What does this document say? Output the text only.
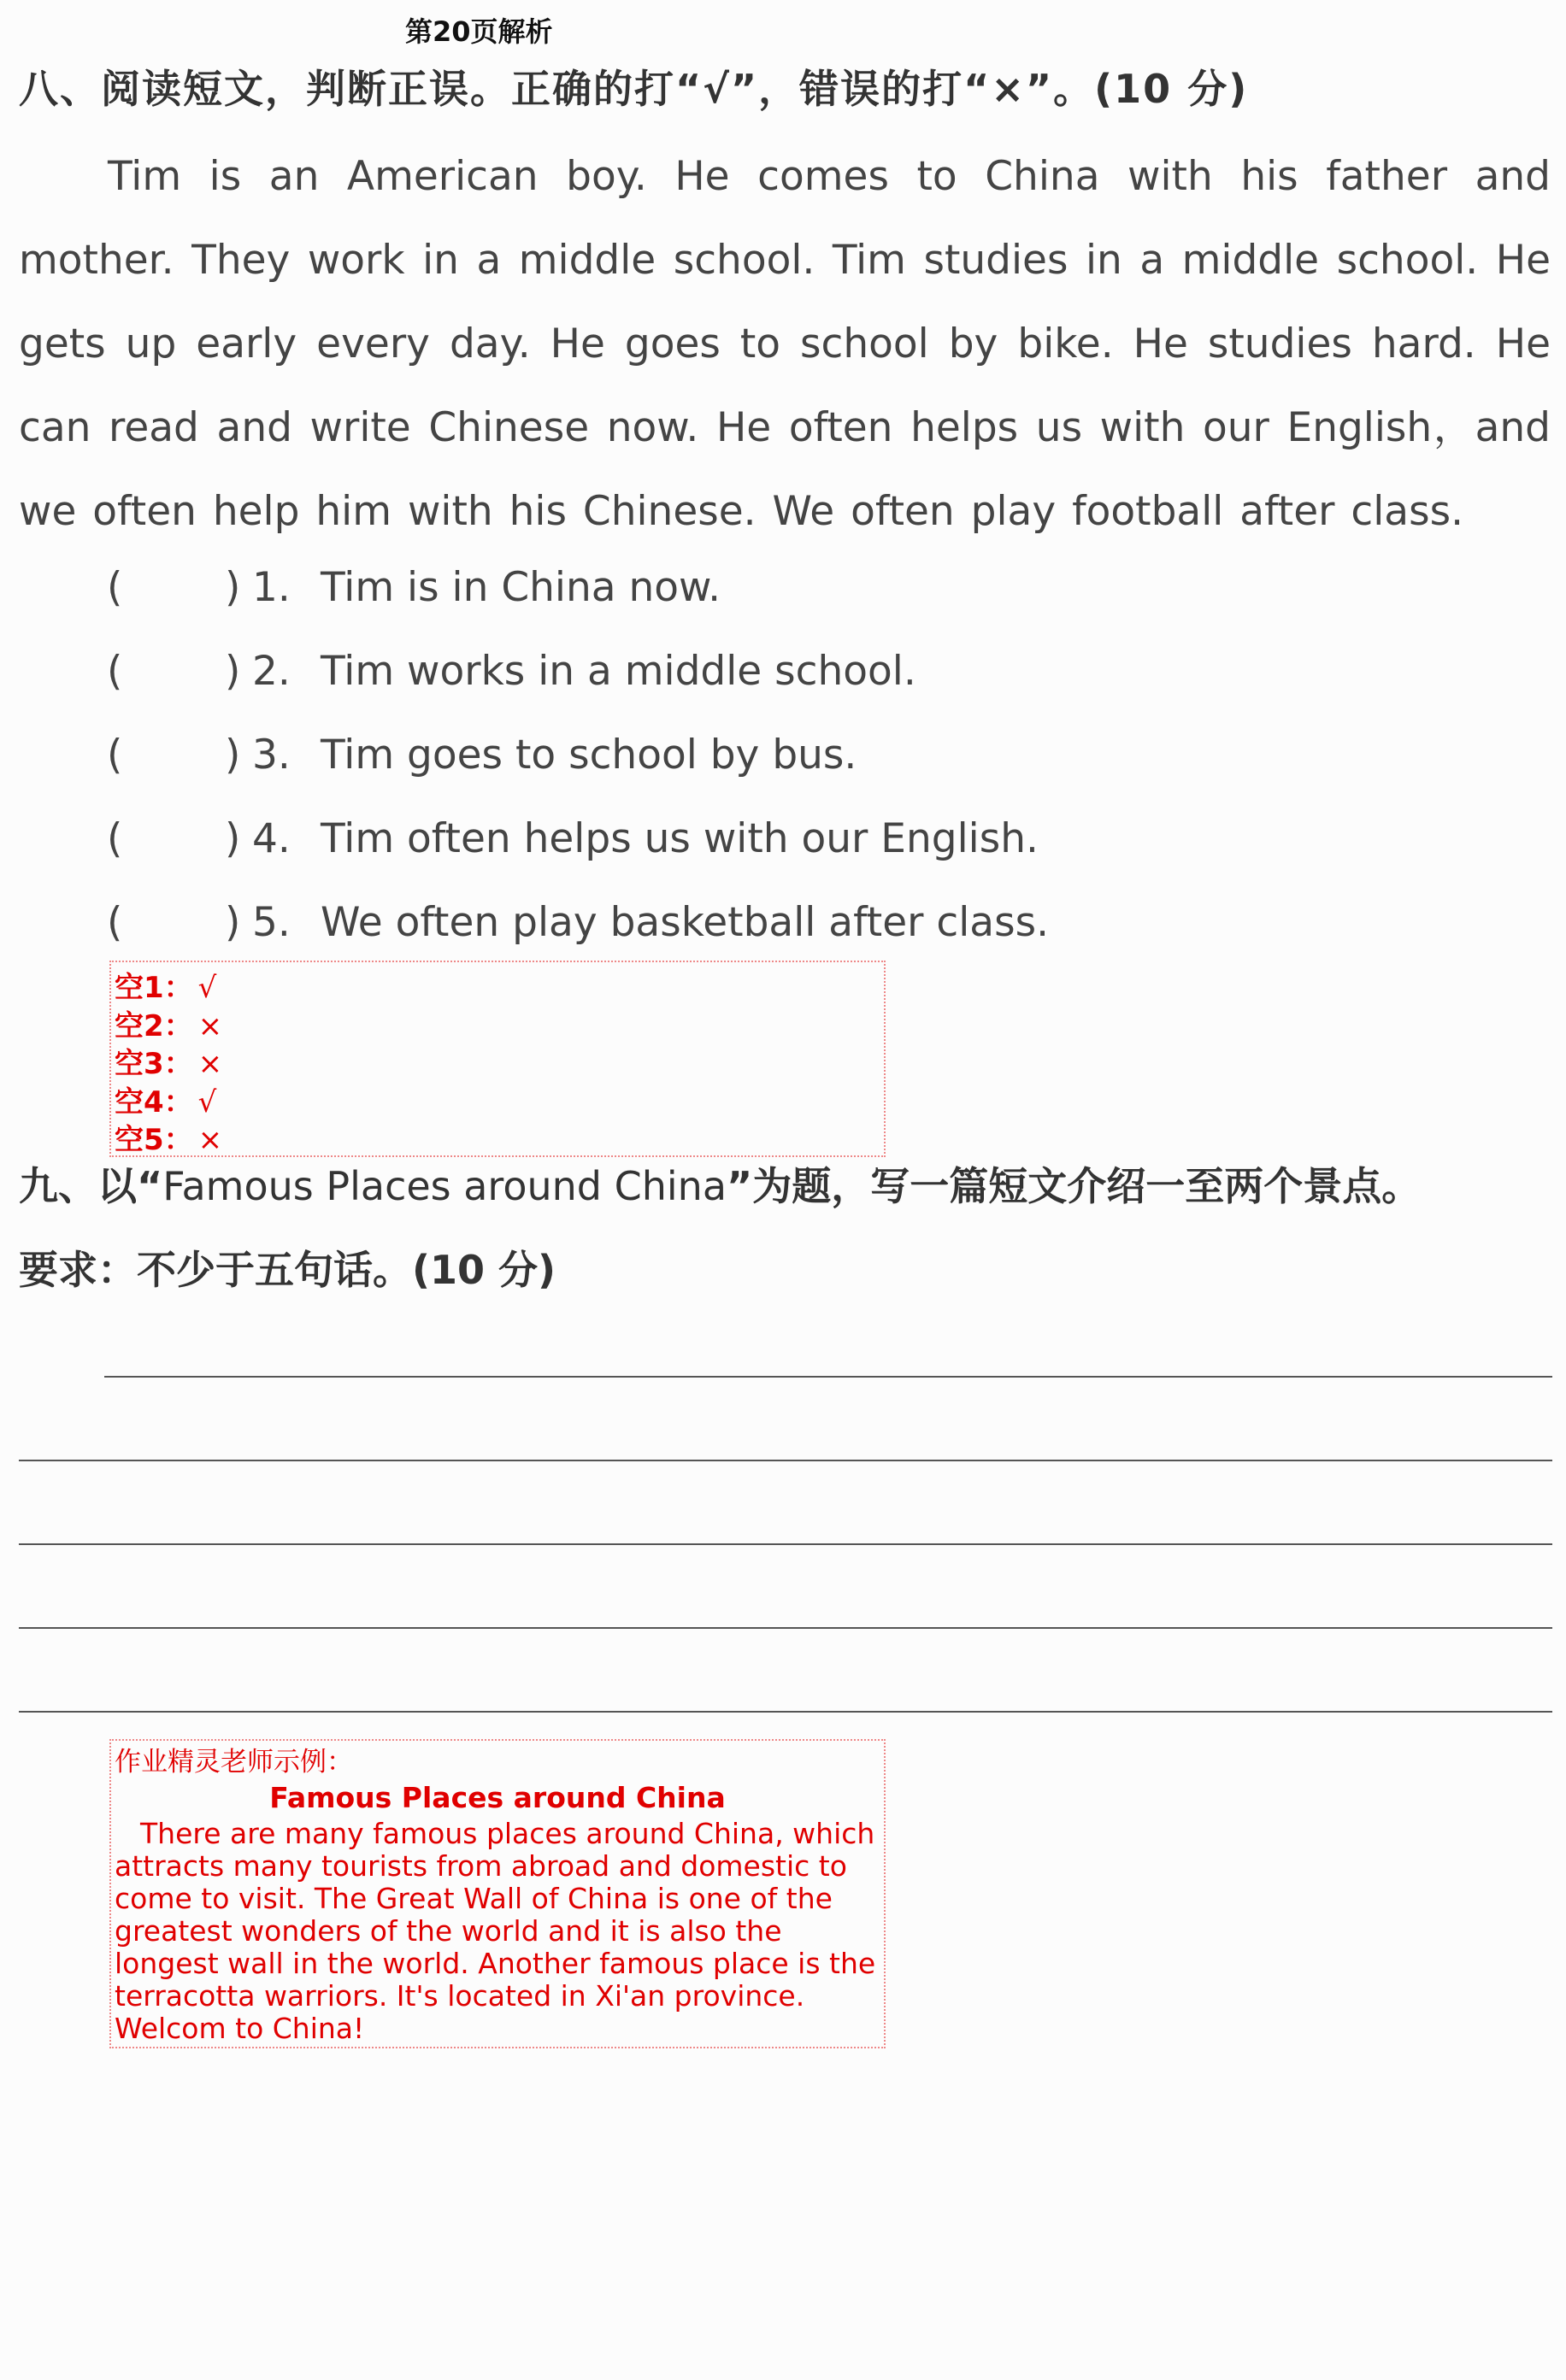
第20页解析
八、阅读短文，判断正误。正确的打“√”，错误的打“×”。(10 分)
Tim is an American boy. He comes to China with his father and mother. They work in a middle school. Tim studies in a middle school. He gets up early every day. He goes to school by bike. He studies hard. He can read and write Chinese now. He often helps us with our English，and we often help him with his Chinese. We often play football after class.
(	) 1. Tim is in China now.
(	) 2. Tim works in a middle school.
(	) 3. Tim goes to school by bus.
(	) 4. Tim often helps us with our English.
(	) 5. We often play basketball after class.
空1： √
空2： ×
空3： ×
空4： √
空5： ×
九、以“Famous Places around China”为题，写一篇短文介绍一至两个景点。
要求：不少于五句话。(10 分)
作业精灵老师示例：
Famous Places around China
There are many famous places around China, which attracts many tourists from abroad and domestic to come to visit. The Great Wall of China is one of the greatest wonders of the world and it is also the longest wall in the world. Another famous place is the terracotta warriors. It's located in Xi'an province. Welcom to China!
